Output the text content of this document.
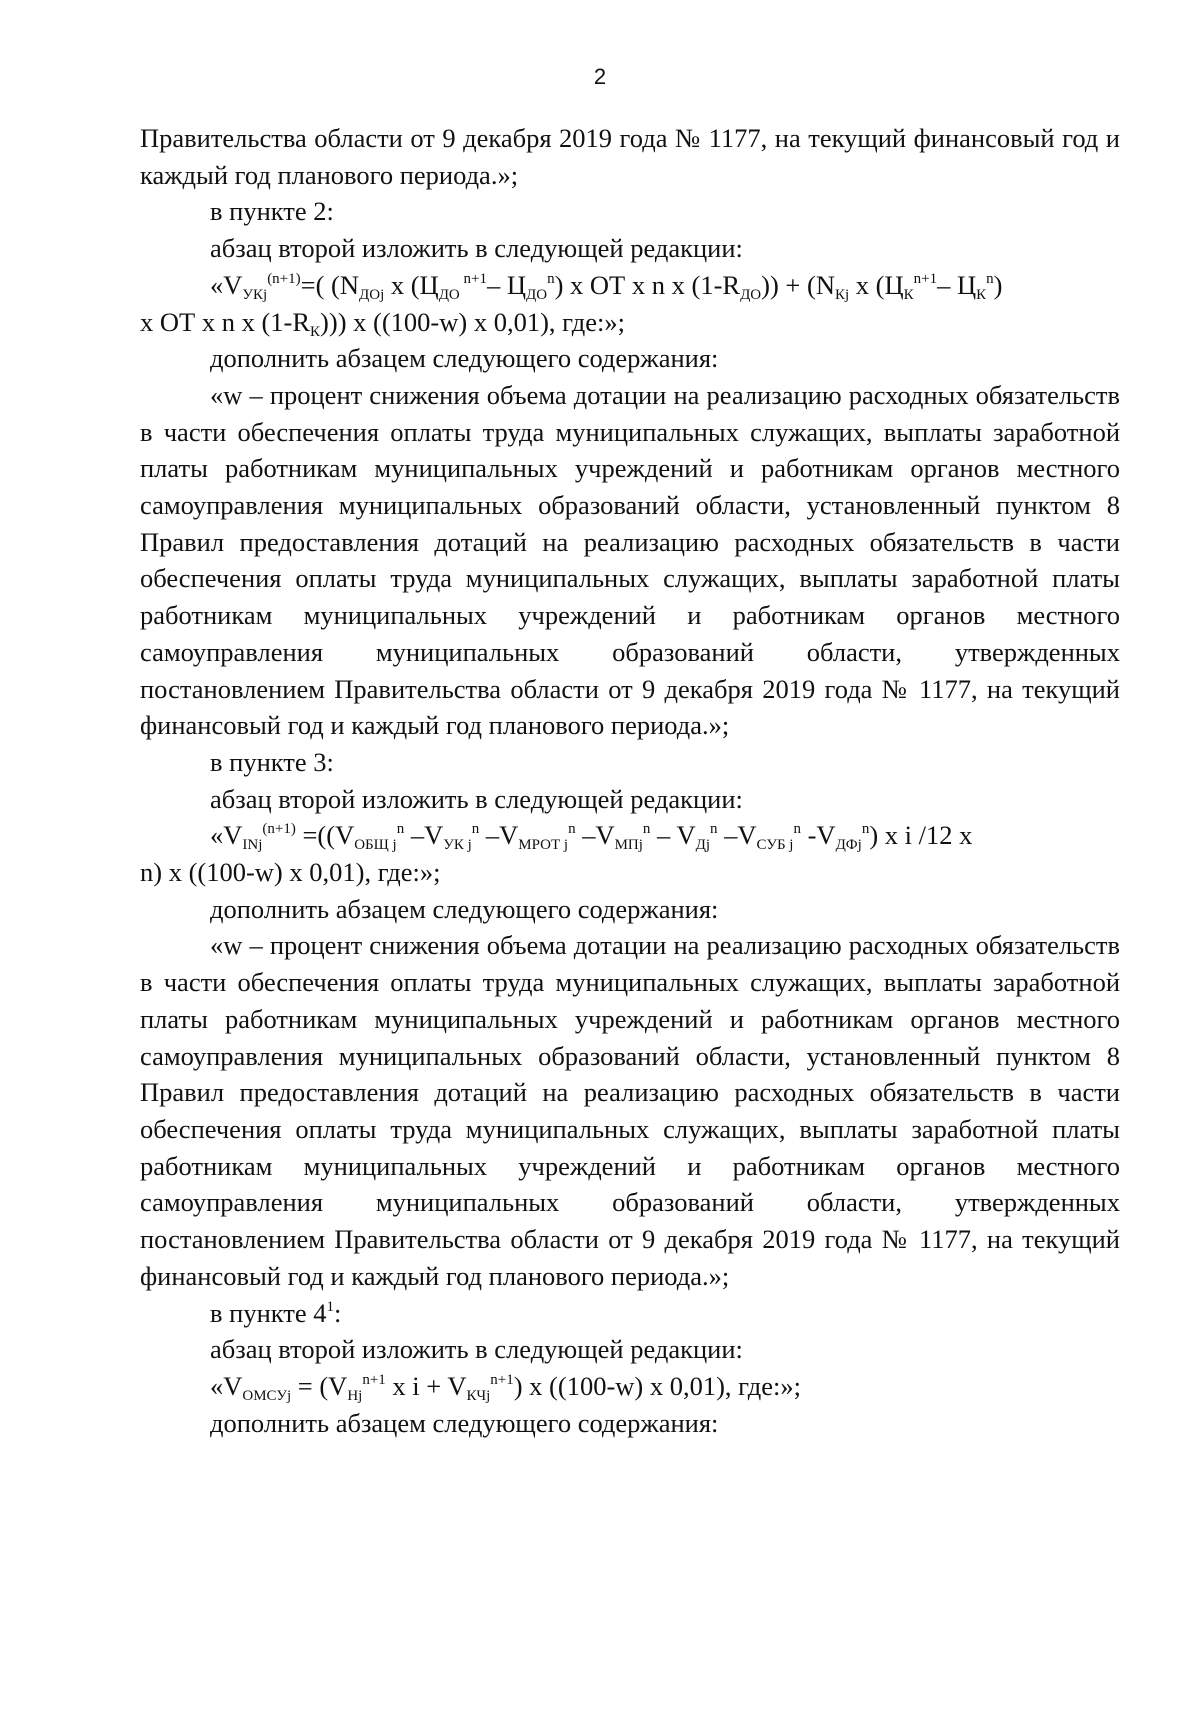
2

Правительства области от 9 декабря 2019 года № 1177, на текущий финансовый год и каждый год планового периода.»;

в пункте 2:

абзац второй изложить в следующей редакции:

«$V_{УКj}^{(n+1)}=$( ($N_{ДОj}$ х ($Ц_{ДО}$ $^{n+1}$– $Ц_{ДО}^n$) х ОТ х n х $(1-R_{ДО})) + (N_{Кj}$ х ($Ц_К^{n+1}-$ $Ц_К^n$)

х ОТ х n х $(1-R_К)$)) х ((100-w) х 0,01), где:»;

дополнить абзацем следующего содержания:

«w – процент снижения объема дотации на реализацию расходных обязательств в части обеспечения оплаты труда муниципальных служащих, выплаты заработной платы работникам муниципальных учреждений и работникам органов местного самоуправления муниципальных образований области, установленный пунктом 8 Правил предоставления дотаций на реализацию расходных обязательств в части обеспечения оплаты труда муниципальных служащих, выплаты заработной платы работникам муниципальных учреждений и работникам органов местного самоуправления муниципальных образований области, утвержденных постановлением Правительства области от 9 декабря 2019 года № 1177, на текущий финансовый год и каждый год планового периода.»;

в пункте 3:

абзац второй изложить в следующей редакции:

«$V_{INj}^{(n+1)} =((V_{ОБЩ j}^n$ $-V_{УК j}^n$ $-V_{МРОТ j}^n$ $-V_{МПj}^n - V_{Дj}^n$ $-V_{СУБ j}^n$ $-V_{ДФj}^n$) х i /12 х

n) х ((100-w) х 0,01), где:»;

дополнить абзацем следующего содержания:

«w – процент снижения объема дотации на реализацию расходных обязательств в части обеспечения оплаты труда муниципальных служащих, выплаты заработной платы работникам муниципальных учреждений и работникам органов местного самоуправления муниципальных образований области, установленный пунктом 8 Правил предоставления дотаций на реализацию расходных обязательств в части обеспечения оплаты труда муниципальных служащих, выплаты заработной платы работникам муниципальных учреждений и работникам органов местного самоуправления муниципальных образований области, утвержденных постановлением Правительства области от 9 декабря 2019 года № 1177, на текущий финансовый год и каждый год планового периода.»;

в пункте $4^1$:

абзац второй изложить в следующей редакции:

«$V_{ОМСУj} = (V_{Hj}^{n+1}$ х $i + V_{КЧj}^{n+1}$) х ((100-w) х 0,01), где:»;

дополнить абзацем следующего содержания:
